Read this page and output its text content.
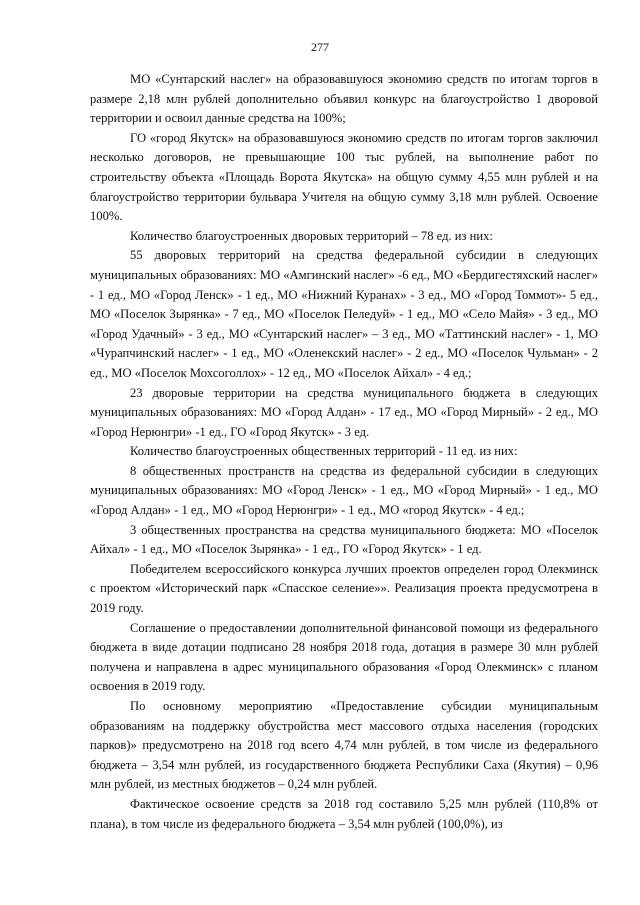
277

МО «Сунтарский наслег» на образовавшуюся экономию средств по итогам торгов в размере 2,18 млн рублей дополнительно объявил конкурс на благоустройство 1 дворовой территории и освоил данные средства на 100%;

ГО «город Якутск» на образовавшуюся экономию средств по итогам торгов заключил несколько договоров, не превышающие 100 тыс рублей, на выполнение работ по строительству объекта «Площадь Ворота Якутска» на общую сумму 4,55 млн рублей и на благоустройство территории бульвара Учителя на общую сумму 3,18 млн рублей. Освоение 100%.

Количество благоустроенных дворовых территорий – 78 ед. из них:

55 дворовых территорий на средства федеральной субсидии в следующих муниципальных образованиях: МО «Амгинский наслег» -6 ед., МО «Бердигестяхский наслег» - 1 ед., МО «Город Ленск» - 1 ед., МО «Нижний Куранах» - 3 ед., МО «Город Томмот»- 5 ед., МО «Поселок Зырянка» - 7 ед., МО «Поселок Пеледуй» - 1 ед., МО «Село Майя» - 3 ед., МО «Город Удачный» - 3 ед., МО «Сунтарский наслег» – 3 ед., МО «Таттинский наслег» - 1, МО «Чурапчинский наслег» - 1 ед., МО «Оленекский наслег» - 2 ед., МО «Поселок Чульман» - 2 ед., МО «Поселок Мохсоголлох» - 12 ед., МО «Поселок Айхал» - 4 ед.;

23 дворовые территории на средства муниципального бюджета в следующих муниципальных образованиях: МО «Город Алдан» - 17 ед., МО «Город Мирный» - 2 ед., МО «Город Нерюнгри» -1 ед., ГО «Город Якутск» - 3 ед.

Количество благоустроенных общественных территорий - 11 ед. из них:

8 общественных пространств на средства из федеральной субсидии в следующих муниципальных образованиях: МО «Город Ленск» - 1 ед., МО «Город Мирный» - 1 ед., МО «Город Алдан» - 1 ед., МО «Город Нерюнгри» - 1 ед., МО «город Якутск» - 4 ед.;

3 общественных пространства на средства муниципального бюджета: МО «Поселок Айхал» - 1 ед., МО «Поселок Зырянка» - 1 ед., ГО «Город Якутск» - 1 ед.

Победителем всероссийского конкурса лучших проектов определен город Олекминск с проектом «Исторический парк «Спасское селение»». Реализация проекта предусмотрена в 2019 году.

Соглашение о предоставлении дополнительной финансовой помощи из федерального бюджета в виде дотации подписано 28 ноября 2018 года, дотация в размере 30 млн рублей получена и направлена в адрес муниципального образования «Город Олекминск» с планом освоения в 2019 году.

По основному мероприятию «Предоставление субсидии муниципальным образованиям на поддержку обустройства мест массового отдыха населения (городских парков)» предусмотрено на 2018 год всего 4,74 млн рублей, в том числе из федерального бюджета – 3,54 млн рублей, из государственного бюджета Республики Саха (Якутия) – 0,96 млн рублей, из местных бюджетов – 0,24 млн рублей.

Фактическое освоение средств за 2018 год составило 5,25 млн рублей (110,8% от плана), в том числе из федерального бюджета – 3,54 млн рублей (100,0%), из
